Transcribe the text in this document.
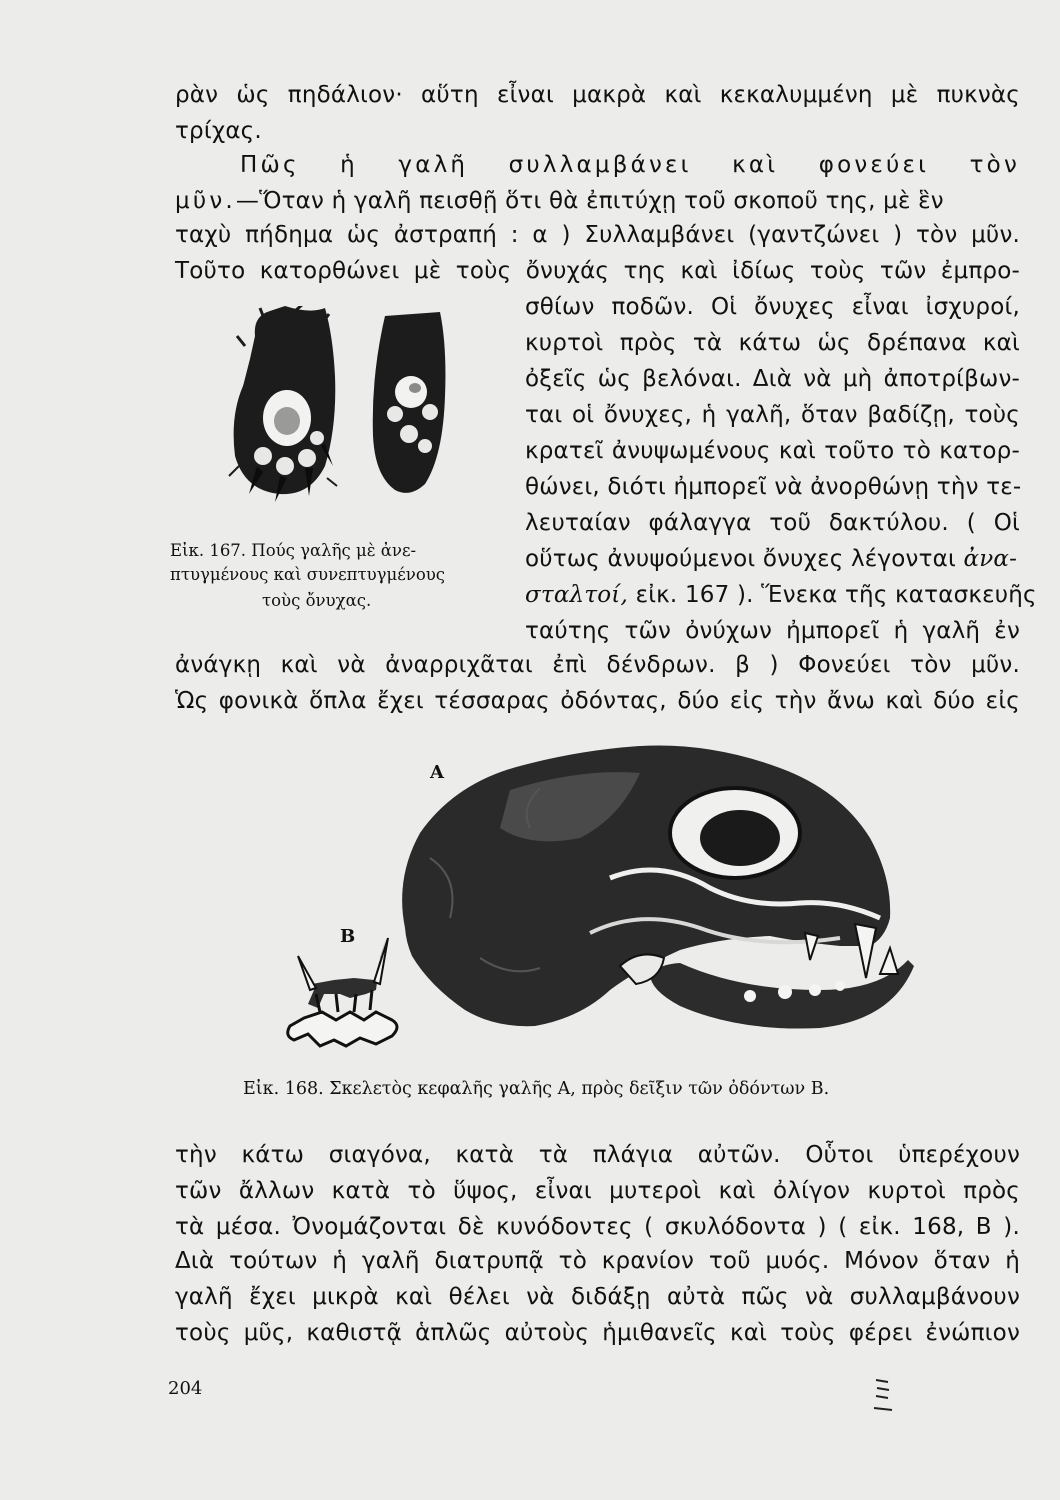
ρὰν ὡς πηδάλιον· αὕτη εἶναι μακρὰ καὶ κεκαλυμμένη μὲ πυκνὰς
τρίχας.
Πῶς ἡ γαλῆ συλλαμβάνει καὶ φονεύει τὸν
μῦν.—Ὅταν ἡ γαλῆ πεισθῇ ὅτι θὰ ἐπιτύχῃ τοῦ σκοποῦ της, μὲ ἓν
ταχὺ πήδημα ὡς ἀστραπή : α ) Συλλαμβάνει (γαντζώνει ) τὸν μῦν.
Τοῦτο κατορθώνει μὲ τοὺς ὄνυχάς της καὶ ἰδίως τοὺς τῶν ἐμπρο-
σθίων ποδῶν. Οἱ ὄνυχες εἶναι ἰσχυροί,
κυρτοὶ πρὸς τὰ κάτω ὡς δρέπανα καὶ
ὀξεῖς ὡς βελόναι. Διὰ νὰ μὴ ἀποτρίβων-
ται οἱ ὄνυχες, ἡ γαλῆ, ὅταν βαδίζῃ, τοὺς
κρατεῖ ἀνυψωμένους καὶ τοῦτο τὸ κατορ-
θώνει, διότι ἠμπορεῖ νὰ ἀνορθώνῃ τὴν τε-
λευταίαν φάλαγγα τοῦ δακτύλου. ( Οἱ
οὕτως ἀνυψούμενοι ὄνυχες λέγονται ἀνα-
σταλτοί, εἰκ. 167 ). Ἕνεκα τῆς κατασκευῆς
ταύτης τῶν ὀνύχων ἠμπορεῖ ἡ γαλῆ ἐν
ἀνάγκῃ καὶ νὰ ἀναρριχᾶται ἐπὶ δένδρων. β ) Φονεύει τὸν μῦν.
Ὡς φονικὰ ὅπλα ἔχει τέσσαρας ὀδόντας, δύο εἰς τὴν ἄνω καὶ δύο εἰς
Εἰκ. 167. Πούς γαλῆς μὲ ἀνε-
πτυγμένους καὶ συνεπτυγμένους
τοὺς ὄνυχας.
Α
Β
Εἰκ. 168. Σκελετὸς κεφαλῆς γαλῆς Α, πρὸς δεῖξιν τῶν ὀδόντων Β.
τὴν κάτω σιαγόνα, κατὰ τὰ πλάγια αὐτῶν. Οὗτοι ὑπερέχουν
τῶν ἄλλων κατὰ τὸ ὕψος, εἶναι μυτεροὶ καὶ ὀλίγον κυρτοὶ πρὸς
τὰ μέσα. Ὀνομάζονται δὲ κυνόδοντες ( σκυλόδοντα ) ( εἰκ. 168, Β ).
Διὰ τούτων ἡ γαλῆ διατρυπᾷ τὸ κρανίον τοῦ μυός. Μόνον ὅταν ἡ
γαλῆ ἔχει μικρὰ καὶ θέλει νὰ διδάξῃ αὐτὰ πῶς νὰ συλλαμβάνουν
τοὺς μῦς, καθιστᾷ ἁπλῶς αὐτοὺς ἡμιθανεῖς καὶ τοὺς φέρει ἐνώπιον
204
